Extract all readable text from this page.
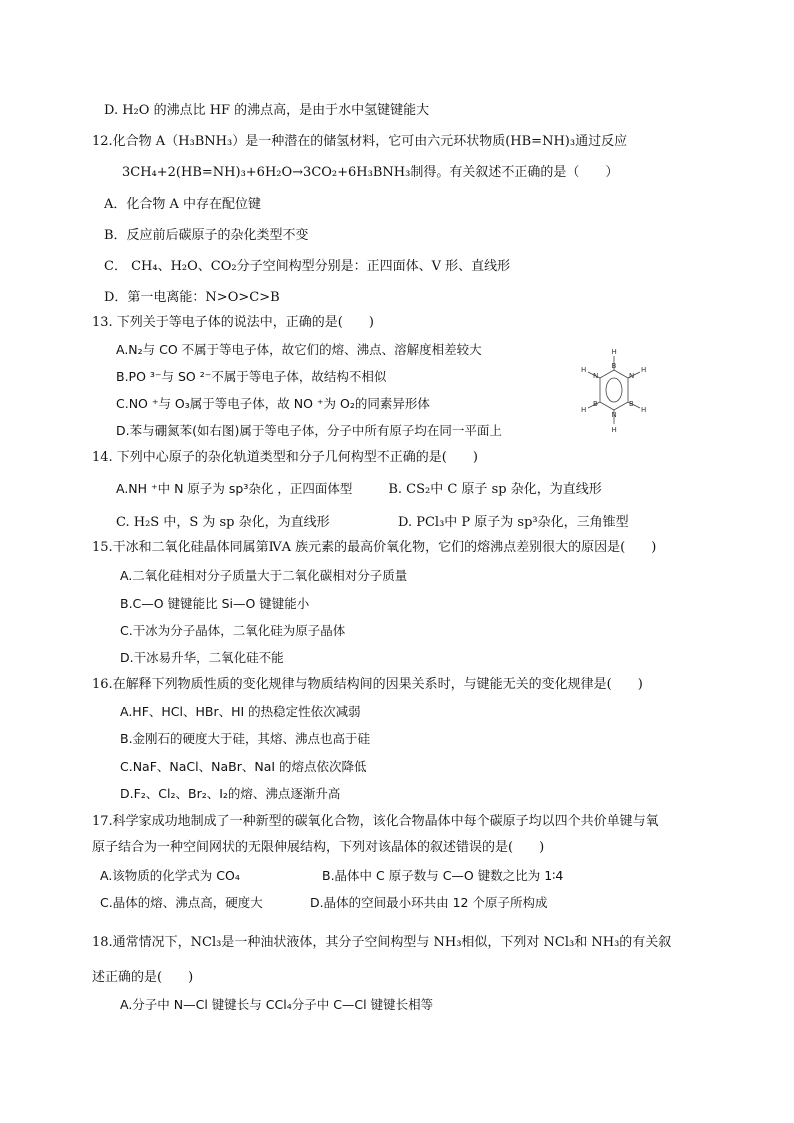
D. H₂O 的沸点比 HF 的沸点高，是由于水中氢键键能大
12.化合物 A（H₃BNH₃）是一种潜在的储氢材料，它可由六元环状物质(HB=NH)₃通过反应
3CH₄+2(HB=NH)₃+6H₂O→3CO₂+6H₃BNH₃制得。有关叙述不正确的是（　　）
A．化合物 A 中存在配位键
B．反应前后碳原子的杂化类型不变
C． CH₄、H₂O、CO₂分子空间构型分别是：正四面体、V 形、直线形
D．第一电离能：N>O>C>B
13. 下列关于等电子体的说法中，正确的是(　　)
A.N₂与 CO 不属于等电子体，故它们的熔、沸点、溶解度相差较大
B.PO ³⁻与 SO ²⁻不属于等电子体，故结构不相似
C.NO ⁺与 O₃属于等电子体，故 NO ⁺为 O₂的同素异形体
D.苯与硼氮苯(如右图)属于等电子体，分子中所有原子均在同一平面上
H
B
N
H
B
H
N
H
B
H
N
H
14. 下列中心原子的杂化轨道类型和分子几何构型不正确的是(　　)
A.NH ⁺中 N 原子为 sp³杂化 ，正四面体型	B. CS₂中 C 原子 sp 杂化，为直线形
C. H₂S 中，S 为 sp 杂化，为直线形	D. PCl₃中 P 原子为 sp³杂化，三角锥型
15.干冰和二氧化硅晶体同属第ⅣA 族元素的最高价氧化物，它们的熔沸点差别很大的原因是(　　)
A.二氧化硅相对分子质量大于二氧化碳相对分子质量
B.C—O 键键能比 Si—O 键键能小
C.干冰为分子晶体，二氧化硅为原子晶体
D.干冰易升华，二氧化硅不能
16.在解释下列物质性质的变化规律与物质结构间的因果关系时，与键能无关的变化规律是(　　)
A.HF、HCl、HBr、HI 的热稳定性依次减弱
B.金刚石的硬度大于硅，其熔、沸点也高于硅
C.NaF、NaCl、NaBr、NaI 的熔点依次降低
D.F₂、Cl₂、Br₂、I₂的熔、沸点逐渐升高
17.科学家成功地制成了一种新型的碳氧化合物，该化合物晶体中每个碳原子均以四个共价单键与氧
原子结合为一种空间网状的无限伸展结构，下列对该晶体的叙述错误的是(　　)
A.该物质的化学式为 CO₄	B.晶体中 C 原子数与 C—O 键数之比为 1∶4
C.晶体的熔、沸点高，硬度大	D.晶体的空间最小环共由 12 个原子所构成
18.通常情况下，NCl₃是一种油状液体，其分子空间构型与 NH₃相似，下列对 NCl₃和 NH₃的有关叙
述正确的是(　　)
A.分子中 N—Cl 键键长与 CCl₄分子中 C—Cl 键键长相等
